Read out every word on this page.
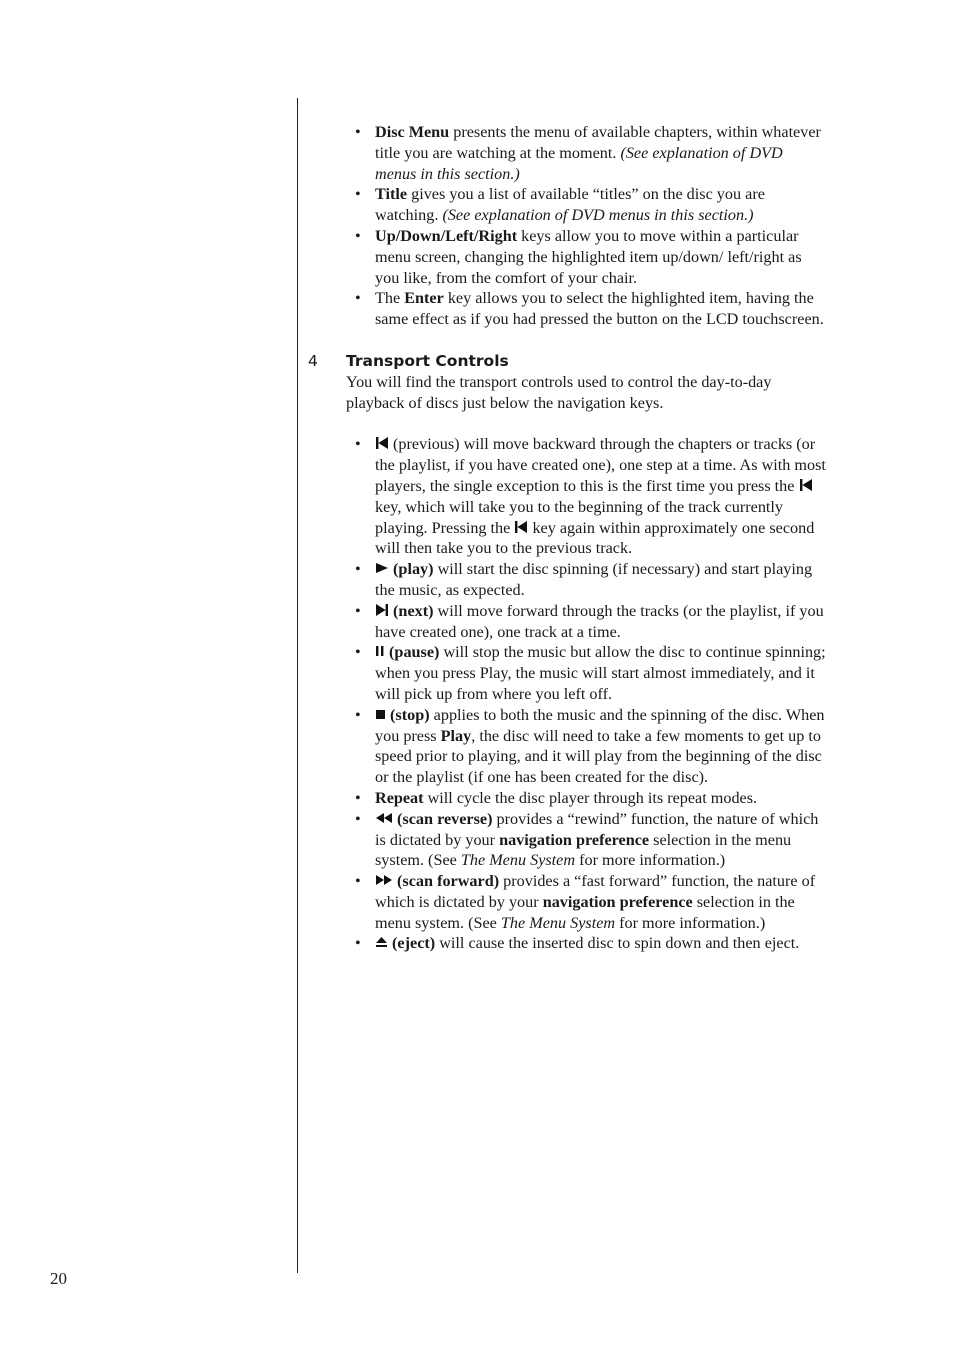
• Disc Menu presents the menu of available chapters, within whatever title you are watching at the moment. (See explanation of DVD menus in this section.)
• Title gives you a list of available “titles” on the disc you are watching. (See explanation of DVD menus in this section.)
• Up/Down/Left/Right keys allow you to move within a particular menu screen, changing the highlighted item up/down/ left/right as you like, from the comfort of your chair.
• The Enter key allows you to select the highlighted item, having the same effect as if you had pressed the button on the LCD touchscreen.
4 Transport Controls

You will find the transport controls used to control the day-to-day playback of discs just below the navigation keys.

• (previous) will move backward through the chapters or tracks (or the playlist, if you have created one), one step at a time. As with most players, the single exception to this is the first time you press the  key, which will take you to the beginning of the track currently playing. Pressing the  key again within approximately one second will then take you to the previous track.
• (play) will start the disc spinning (if necessary) and start playing the music, as expected.
• (next) will move forward through the tracks (or the playlist, if you have created one), one track at a time.
• (pause) will stop the music but allow the disc to continue spinning; when you press Play, the music will start almost immediately, and it will pick up from where you left off.
• (stop) applies to both the music and the spinning of the disc. When you press Play, the disc will need to take a few moments to get up to speed prior to playing, and it will play from the beginning of the disc or the playlist (if one has been created for the disc).
• Repeat will cycle the disc player through its repeat modes.
• (scan reverse) provides a “rewind” function, the nature of which is dictated by your navigation preference selection in the menu system. (See The Menu System for more information.)
• (scan forward) provides a “fast forward” function, the nature of which is dictated by your navigation preference selection in the menu system. (See The Menu System for more information.)
• (eject) will cause the inserted disc to spin down and then eject.
20
